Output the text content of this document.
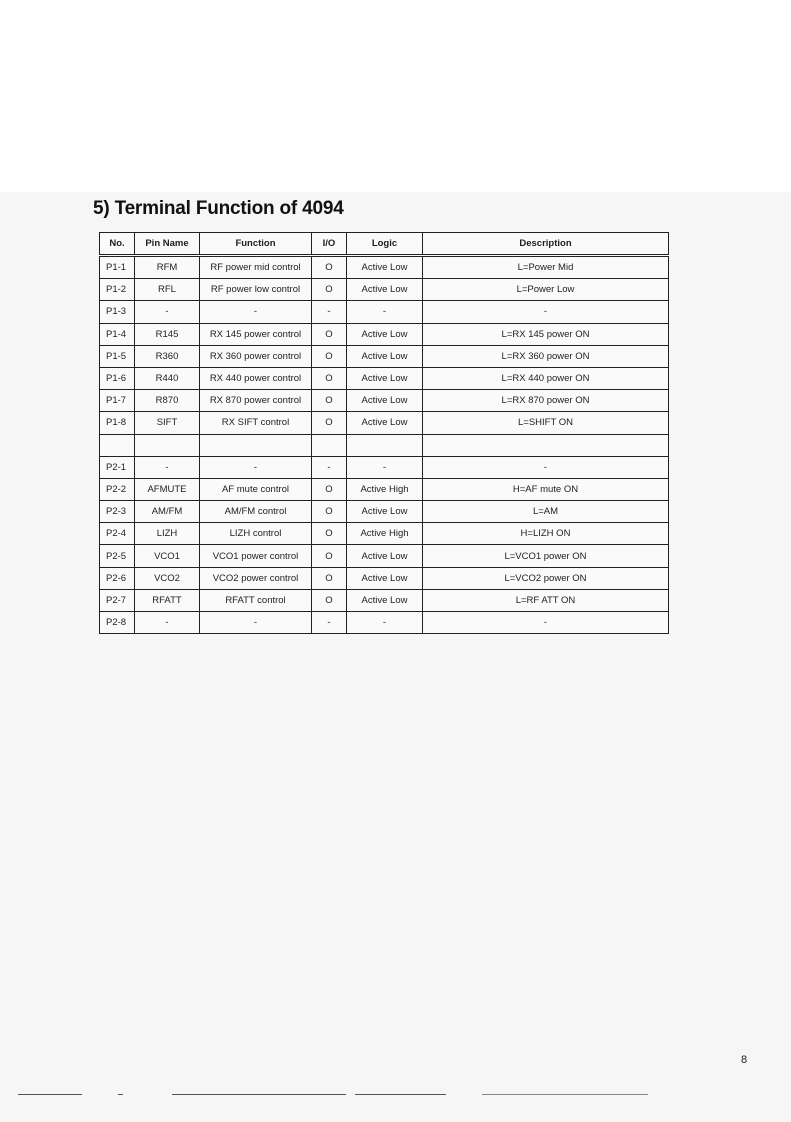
5) Terminal Function of 4094
No.	Pin Name	Function	I/O	Logic	Description
P1-1	RFM	RF power mid control	O	Active Low	L=Power Mid
P1-2	RFL	RF power low control	O	Active Low	L=Power Low
P1-3	-	-	-	-	-
P1-4	R145	RX 145 power control	O	Active Low	L=RX 145 power ON
P1-5	R360	RX 360 power control	O	Active Low	L=RX 360 power ON
P1-6	R440	RX 440 power control	O	Active Low	L=RX 440 power ON
P1-7	R870	RX 870 power control	O	Active Low	L=RX 870 power ON
P1-8	SIFT	RX SIFT control	O	Active Low	L=SHIFT ON

P2-1	-	-	-	-	-
P2-2	AFMUTE	AF mute control	O	Active High	H=AF mute ON
P2-3	AM/FM	AM/FM control	O	Active Low	L=AM
P2-4	LIZH	LIZH control	O	Active High	H=LIZH ON
P2-5	VCO1	VCO1 power control	O	Active Low	L=VCO1 power ON
P2-6	VCO2	VCO2 power control	O	Active Low	L=VCO2 power ON
P2-7	RFATT	RFATT control	O	Active Low	L=RF ATT ON
P2-8	-	-	-	-	-
8
